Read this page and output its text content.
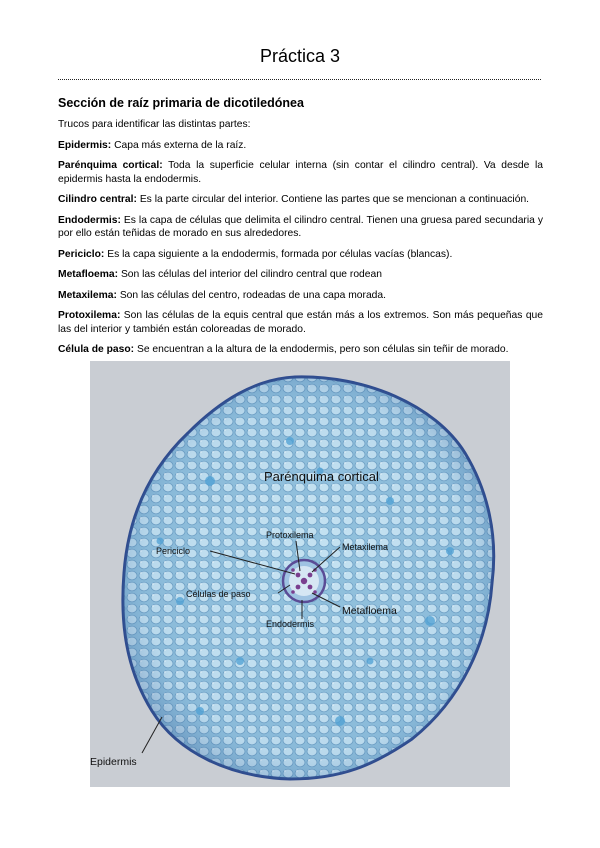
Práctica 3

Sección de raíz primaria de dicotiledónea

Trucos para identificar las distintas partes:

Epidermis: Capa más externa de la raíz.

Parénquima cortical: Toda la superficie celular interna (sin contar el cilindro central). Va desde la epidermis hasta la endodermis.

Cilindro central: Es la parte circular del interior. Contiene las partes que se mencionan a continuación.

Endodermis: Es la capa de células que delimita el cilindro central. Tienen una gruesa pared secundaria y por ello están teñidas de morado en sus alrededores.

Periciclo: Es la capa siguiente a la endodermis, formada por células vacías (blancas).

Metafloema: Son las células del interior del cilindro central que rodean

Metaxilema: Son las células del centro, rodeadas de una capa morada.

Protoxilema: Son las células de la equis central que están más a los extremos. Son más pequeñas que las del interior y también están coloreadas de morado.

Célula de paso: Se encuentran a la altura de la endodermis, pero son células sin teñir de morado.

Parénquima cortical
Protoxilema
Metaxilema
Periciclo
Células de paso
Metafloema
Endodermis
Epidermis
